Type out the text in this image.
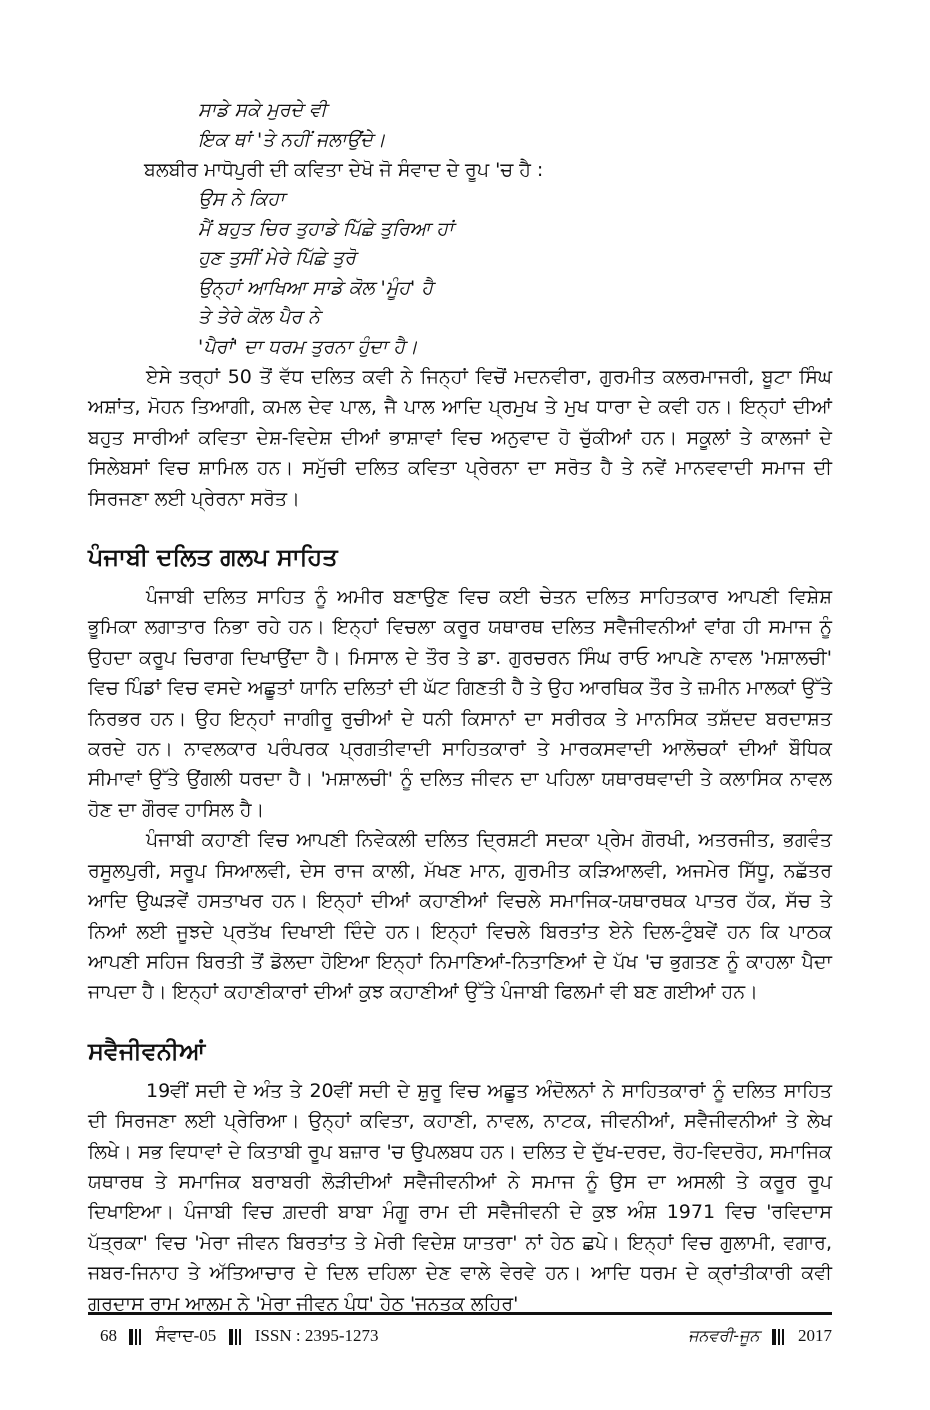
ਸਾਡੇ ਸਕੇ ਮੁਰਦੇ ਵੀ
ਇਕ ਥਾਂ 'ਤੇ ਨਹੀਂ ਜਲਾਉਂਦੇ।
ਬਲਬੀਰ ਮਾਧੋਪੁਰੀ ਦੀ ਕਵਿਤਾ ਦੇਖੋ ਜੋ ਸੰਵਾਦ ਦੇ ਰੂਪ 'ਚ ਹੈ :
ਉਸ ਨੇ ਕਿਹਾ
ਮੈਂ ਬਹੁਤ ਚਿਰ ਤੁਹਾਡੇ ਪਿੱਛੇ ਤੁਰਿਆ ਹਾਂ
ਹੁਣ ਤੁਸੀਂ ਮੇਰੇ ਪਿੱਛੇ ਤੁਰੋ
ਉਨ੍ਹਾਂ ਆਖਿਆ ਸਾਡੇ ਕੋਲ 'ਮੂੰਹ' ਹੈ
ਤੇ ਤੇਰੇ ਕੋਲ ਪੈਰ ਨੇ
'ਪੈਰਾਂ' ਦਾ ਧਰਮ ਤੁਰਨਾ ਹੁੰਦਾ ਹੈ।

ਏਸੇ ਤਰ੍ਹਾਂ 50 ਤੋਂ ਵੱਧ ਦਲਿਤ ਕਵੀ ਨੇ ਜਿਨ੍ਹਾਂ ਵਿਚੋਂ ਮਦਨਵੀਰਾ, ਗੁਰਮੀਤ ਕਲਰਮਾਜਰੀ, ਬੂਟਾ ਸਿੰਘ ਅਸ਼ਾਂਤ, ਮੋਹਨ ਤਿਆਗੀ, ਕਮਲ ਦੇਵ ਪਾਲ, ਜੈ ਪਾਲ ਆਦਿ ਪ੍ਰਮੁਖ ਤੇ ਮੁਖ ਧਾਰਾ ਦੇ ਕਵੀ ਹਨ। ਇਨ੍ਹਾਂ ਦੀਆਂ ਬਹੁਤ ਸਾਰੀਆਂ ਕਵਿਤਾ ਦੇਸ਼-ਵਿਦੇਸ਼ ਦੀਆਂ ਭਾਸ਼ਾਵਾਂ ਵਿਚ ਅਨੁਵਾਦ ਹੋ ਚੁੱਕੀਆਂ ਹਨ। ਸਕੂਲਾਂ ਤੇ ਕਾਲਜਾਂ ਦੇ ਸਿਲੇਬਸਾਂ ਵਿਚ ਸ਼ਾਮਿਲ ਹਨ। ਸਮੁੱਚੀ ਦਲਿਤ ਕਵਿਤਾ ਪ੍ਰੇਰਨਾ ਦਾ ਸਰੋਤ ਹੈ ਤੇ ਨਵੇਂ ਮਾਨਵਵਾਦੀ ਸਮਾਜ ਦੀ ਸਿਰਜਣਾ ਲਈ ਪ੍ਰੇਰਨਾ ਸਰੋਤ।

ਪੰਜਾਬੀ ਦਲਿਤ ਗਲਪ ਸਾਹਿਤ

ਪੰਜਾਬੀ ਦਲਿਤ ਸਾਹਿਤ ਨੂੰ ਅਮੀਰ ਬਣਾਉਣ ਵਿਚ ਕਈ ਚੇਤਨ ਦਲਿਤ ਸਾਹਿਤਕਾਰ ਆਪਣੀ ਵਿਸ਼ੇਸ਼ ਭੂਮਿਕਾ ਲਗਾਤਾਰ ਨਿਭਾ ਰਹੇ ਹਨ। ਇਨ੍ਹਾਂ ਵਿਚਲਾ ਕਰੂਰ ਯਥਾਰਥ ਦਲਿਤ ਸਵੈਜੀਵਨੀਆਂ ਵਾਂਗ ਹੀ ਸਮਾਜ ਨੂੰ ਉਹਦਾ ਕਰੂਪ ਚਿਰਾਗ ਦਿਖਾਉਂਦਾ ਹੈ। ਮਿਸਾਲ ਦੇ ਤੌਰ ਤੇ ਡਾ. ਗੁਰਚਰਨ ਸਿੰਘ ਰਾਓ ਆਪਣੇ ਨਾਵਲ 'ਮਸ਼ਾਲਚੀ' ਵਿਚ ਪਿੰਡਾਂ ਵਿਚ ਵਸਦੇ ਅਛੂਤਾਂ ਯਾਨਿ ਦਲਿਤਾਂ ਦੀ ਘੱਟ ਗਿਣਤੀ ਹੈ ਤੇ ਉਹ ਆਰਥਿਕ ਤੌਰ ਤੇ ਜ਼ਮੀਨ ਮਾਲਕਾਂ ਉੱਤੇ ਨਿਰਭਰ ਹਨ। ਉਹ ਇਨ੍ਹਾਂ ਜਾਗੀਰੂ ਰੁਚੀਆਂ ਦੇ ਧਨੀ ਕਿਸਾਨਾਂ ਦਾ ਸਰੀਰਕ ਤੇ ਮਾਨਸਿਕ ਤਸ਼ੱਦਦ ਬਰਦਾਸ਼ਤ ਕਰਦੇ ਹਨ। ਨਾਵਲਕਾਰ ਪਰੰਪਰਕ ਪ੍ਰਗਤੀਵਾਦੀ ਸਾਹਿਤਕਾਰਾਂ ਤੇ ਮਾਰਕਸਵਾਦੀ ਆਲੋਚਕਾਂ ਦੀਆਂ ਬੌਧਿਕ ਸੀਮਾਵਾਂ ਉੱਤੇ ਉਂਗਲੀ ਧਰਦਾ ਹੈ। 'ਮਸ਼ਾਲਚੀ' ਨੂੰ ਦਲਿਤ ਜੀਵਨ ਦਾ ਪਹਿਲਾ ਯਥਾਰਥਵਾਦੀ ਤੇ ਕਲਾਸਿਕ ਨਾਵਲ ਹੋਣ ਦਾ ਗੌਰਵ ਹਾਸਿਲ ਹੈ।

ਪੰਜਾਬੀ ਕਹਾਣੀ ਵਿਚ ਆਪਣੀ ਨਿਵੇਕਲੀ ਦਲਿਤ ਦ੍ਰਿਸ਼ਟੀ ਸਦਕਾ ਪ੍ਰੇਮ ਗੋਰਖੀ, ਅਤਰਜੀਤ, ਭਗਵੰਤ ਰਸੂਲਪੁਰੀ, ਸਰੂਪ ਸਿਆਲਵੀ, ਦੇਸ ਰਾਜ ਕਾਲੀ, ਮੱਖਣ ਮਾਨ, ਗੁਰਮੀਤ ਕੜਿਆਲਵੀ, ਅਜਮੇਰ ਸਿੱਧੂ, ਨਛੱਤਰ ਆਦਿ ਉਘੜਵੇਂ ਹਸਤਾਖਰ ਹਨ। ਇਨ੍ਹਾਂ ਦੀਆਂ ਕਹਾਣੀਆਂ ਵਿਚਲੇ ਸਮਾਜਿਕ-ਯਥਾਰਥਕ ਪਾਤਰ ਹੱਕ, ਸੱਚ ਤੇ ਨਿਆਂ ਲਈ ਜੂਝਦੇ ਪ੍ਰਤੱਖ ਦਿਖਾਈ ਦਿੰਦੇ ਹਨ। ਇਨ੍ਹਾਂ ਵਿਚਲੇ ਬਿਰਤਾਂਤ ਏਨੇ ਦਿਲ-ਟੁੰਬਵੇਂ ਹਨ ਕਿ ਪਾਠਕ ਆਪਣੀ ਸਹਿਜ ਬਿਰਤੀ ਤੋਂ ਡੋਲਦਾ ਹੋਇਆ ਇਨ੍ਹਾਂ ਨਿਮਾਣਿਆਂ-ਨਿਤਾਣਿਆਂ ਦੇ ਪੱਖ 'ਚ ਭੁਗਤਣ ਨੂੰ ਕਾਹਲਾ ਪੈਦਾ ਜਾਪਦਾ ਹੈ। ਇਨ੍ਹਾਂ ਕਹਾਣੀਕਾਰਾਂ ਦੀਆਂ ਕੁਝ ਕਹਾਣੀਆਂ ਉੱਤੇ ਪੰਜਾਬੀ ਫਿਲਮਾਂ ਵੀ ਬਣ ਗਈਆਂ ਹਨ।

ਸਵੈਜੀਵਨੀਆਂ

19ਵੀਂ ਸਦੀ ਦੇ ਅੰਤ ਤੇ 20ਵੀਂ ਸਦੀ ਦੇ ਸ਼ੁਰੂ ਵਿਚ ਅਛੂਤ ਅੰਦੋਲਨਾਂ ਨੇ ਸਾਹਿਤਕਾਰਾਂ ਨੂੰ ਦਲਿਤ ਸਾਹਿਤ ਦੀ ਸਿਰਜਣਾ ਲਈ ਪ੍ਰੇਰਿਆ। ਉਨ੍ਹਾਂ ਕਵਿਤਾ, ਕਹਾਣੀ, ਨਾਵਲ, ਨਾਟਕ, ਜੀਵਨੀਆਂ, ਸਵੈਜੀਵਨੀਆਂ ਤੇ ਲੇਖ ਲਿਖੇ। ਸਭ ਵਿਧਾਵਾਂ ਦੇ ਕਿਤਾਬੀ ਰੂਪ ਬਜ਼ਾਰ 'ਚ ਉਪਲਬਧ ਹਨ। ਦਲਿਤ ਦੇ ਦੁੱਖ-ਦਰਦ, ਰੋਹ-ਵਿਦਰੋਹ, ਸਮਾਜਿਕ ਯਥਾਰਥ ਤੇ ਸਮਾਜਿਕ ਬਰਾਬਰੀ ਲੋੜੀਦੀਆਂ ਸਵੈਜੀਵਨੀਆਂ ਨੇ ਸਮਾਜ ਨੂੰ ਉਸ ਦਾ ਅਸਲੀ ਤੇ ਕਰੂਰ ਰੂਪ ਦਿਖਾਇਆ। ਪੰਜਾਬੀ ਵਿਚ ਗ਼ਦਰੀ ਬਾਬਾ ਮੰਗੂ ਰਾਮ ਦੀ ਸਵੈਜੀਵਨੀ ਦੇ ਕੁਝ ਅੰਸ਼ 1971 ਵਿਚ 'ਰਵਿਦਾਸ ਪੱਤ੍ਰਕਾ' ਵਿਚ 'ਮੇਰਾ ਜੀਵਨ ਬਿਰਤਾਂਤ ਤੇ ਮੇਰੀ ਵਿਦੇਸ਼ ਯਾਤਰਾ' ਨਾਂ ਹੇਠ ਛਪੇ। ਇਨ੍ਹਾਂ ਵਿਚ ਗੁਲਾਮੀ, ਵਗਾਰ, ਜਬਰ-ਜਿਨਾਹ ਤੇ ਅੱਤਿਆਚਾਰ ਦੇ ਦਿਲ ਦਹਿਲਾ ਦੇਣ ਵਾਲੇ ਵੇਰਵੇ ਹਨ। ਆਦਿ ਧਰਮ ਦੇ ਕ੍ਰਾਂਤੀਕਾਰੀ ਕਵੀ ਗੁਰਦਾਸ ਰਾਮ ਆਲਮ ਨੇ 'ਮੇਰਾ ਜੀਵਨ ਪੰਧ' ਹੇਠ 'ਜਨਤਕ ਲਹਿਰ'

68 ਸੰਵਾਦ-05 ISSN : 2395-1273	ਜਨਵਰੀ-ਜੂਨ 2017
